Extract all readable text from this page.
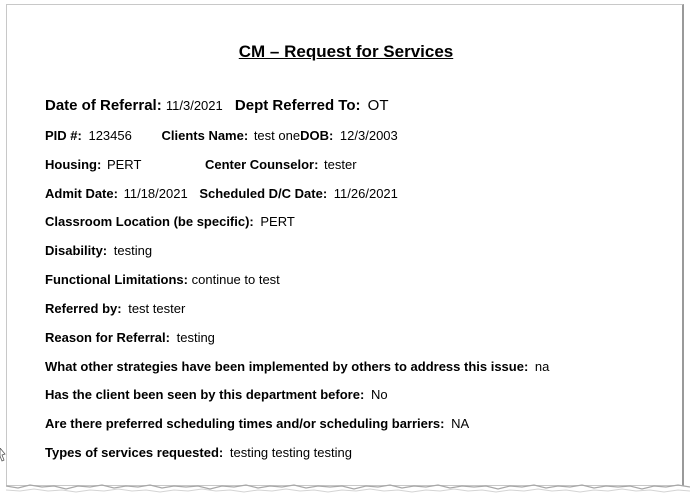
CM – Request for Services
Date of Referral: 11/3/2021 Dept Referred To: OT
PID #: 123456 Clients Name: test oneDOB: 12/3/2003
Housing: PERT	Center Counselor: tester
Admit Date: 11/18/2021 Scheduled D/C Date: 11/26/2021
Classroom Location (be specific): PERT
Disability: testing
Functional Limitations: continue to test
Referred by: test tester
Reason for Referral: testing
What other strategies have been implemented by others to address this issue: na
Has the client been seen by this department before: No
Are there preferred scheduling times and/or scheduling barriers: NA
Types of services requested: testing testing testing
